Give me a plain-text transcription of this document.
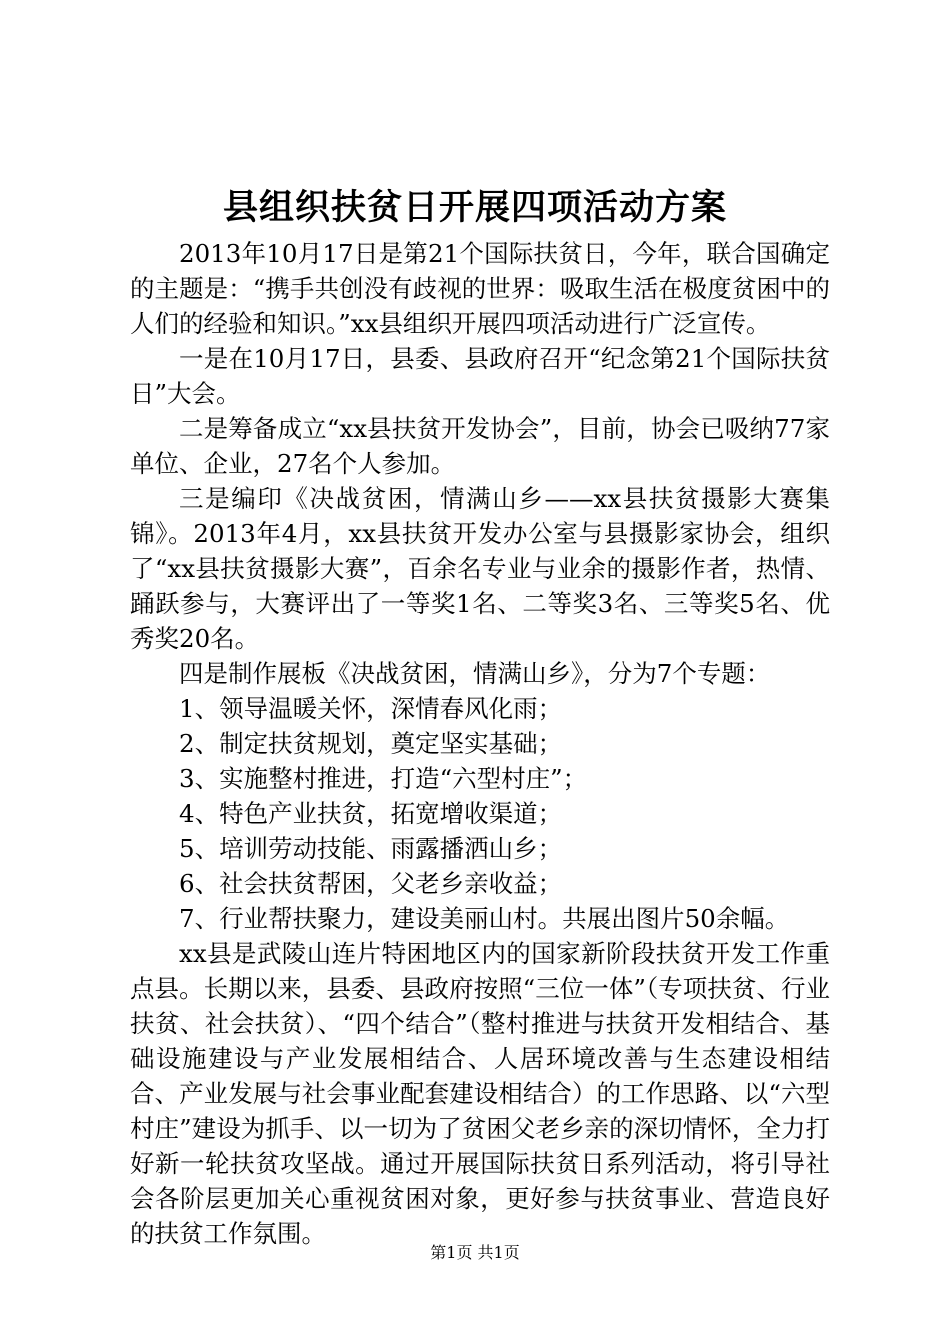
县组织扶贫日开展四项活动方案

2013年10月17日是第21个国际扶贫日，今年，联合国确定的主题是：“携手共创没有歧视的世界：吸取生活在极度贫困中的人们的经验和知识。”xx县组织开展四项活动进行广泛宣传。

一是在10月17日，县委、县政府召开“纪念第21个国际扶贫日”大会。

二是筹备成立“xx县扶贫开发协会”，目前，协会已吸纳77家单位、企业，27名个人参加。

三是编印《决战贫困，情满山乡——xx县扶贫摄影大赛集锦》。2013年4月，xx县扶贫开发办公室与县摄影家协会，组织了“xx县扶贫摄影大赛”，百余名专业与业余的摄影作者，热情、踊跃参与，大赛评出了一等奖1名、二等奖3名、三等奖5名、优秀奖20名。

四是制作展板《决战贫困，情满山乡》，分为7个专题：

1、领导温暖关怀，深情春风化雨；

2、制定扶贫规划，奠定坚实基础；

3、实施整村推进，打造“六型村庄”；

4、特色产业扶贫，拓宽增收渠道；

5、培训劳动技能、雨露播洒山乡；

6、社会扶贫帮困，父老乡亲收益；

7、行业帮扶聚力，建设美丽山村。共展出图片50余幅。

xx县是武陵山连片特困地区内的国家新阶段扶贫开发工作重点县。长期以来，县委、县政府按照“三位一体”（专项扶贫、行业扶贫、社会扶贫）、“四个结合”（整村推进与扶贫开发相结合、基础设施建设与产业发展相结合、人居环境改善与生态建设相结合、产业发展与社会事业配套建设相结合）的工作思路、以“六型村庄”建设为抓手、以一切为了贫困父老乡亲的深切情怀，全力打好新一轮扶贫攻坚战。通过开展国际扶贫日系列活动，将引导社会各阶层更加关心重视贫困对象，更好参与扶贫事业、营造良好的扶贫工作氛围。

第1页 共1页
